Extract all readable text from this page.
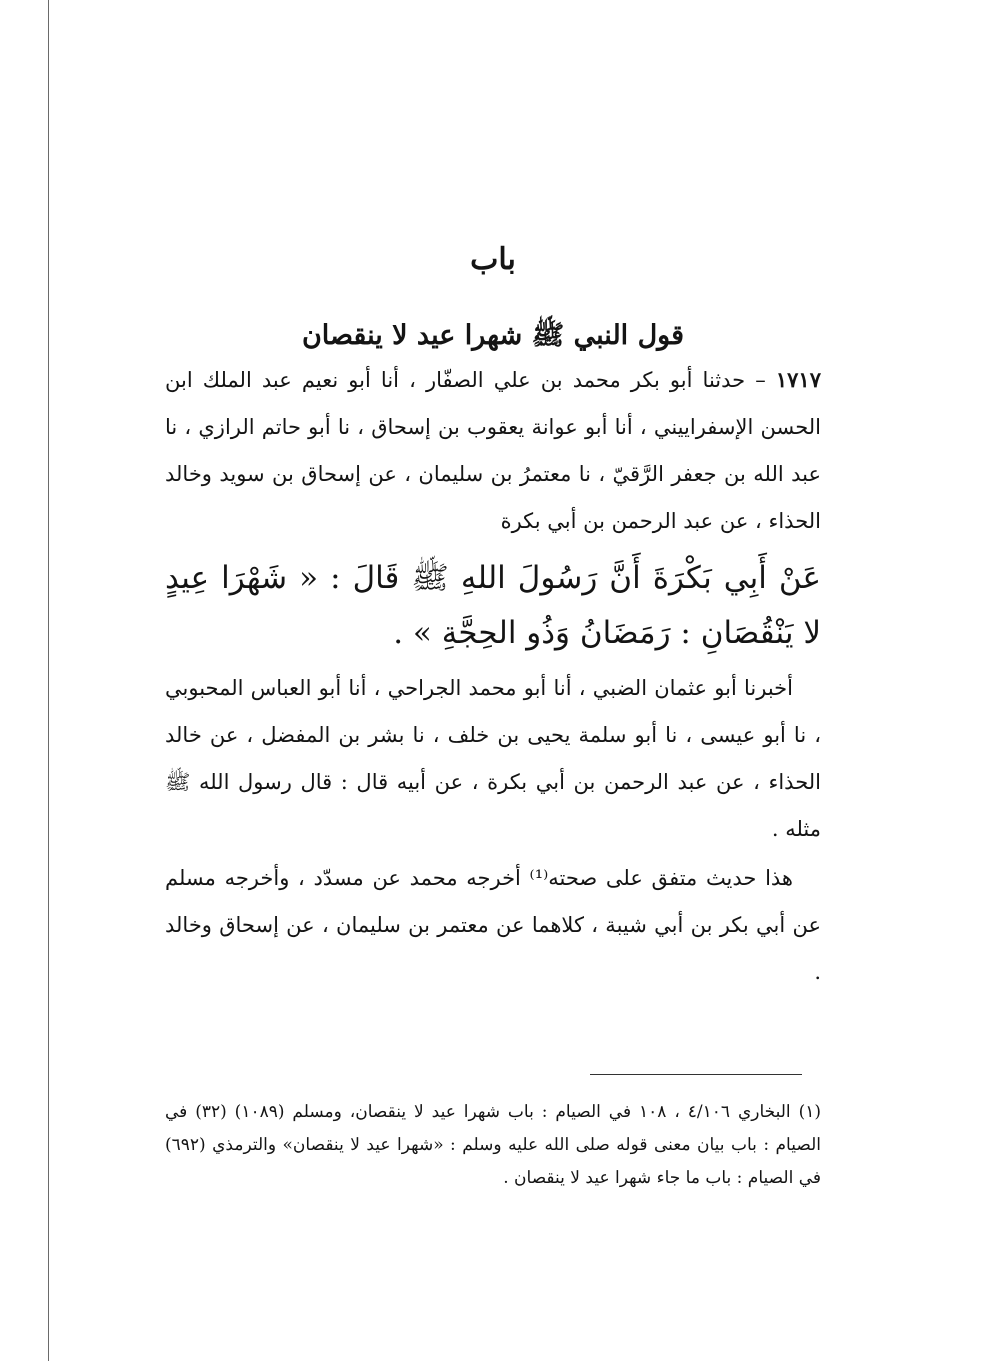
باب
قول النبي ﷺ شهرا عيد لا ينقصان

١٧١٧ – حدثنا أبو بكر محمد بن علي الصفّار ، أنا أبو نعيم عبد الملك ابن الحسن الإسفراييني ، أنا أبو عوانة يعقوب بن إسحاق ، نا أبو حاتم الرازي ، نا عبد الله بن جعفر الرَّقيّ ، نا معتمرُ بن سليمان ، عن إسحاق بن سويد وخالد الحذاء ، عن عبد الرحمن بن أبي بكرة

عَنْ أَبِي بَكْرَةَ أَنَّ رَسُولَ اللهِ ﷺ قَالَ : « شَهْرَا عِيدٍ لا يَنْقُصَانِ : رَمَضَانُ وَذُو الحِجَّةِ » .

أخبرنا أبو عثمان الضبي ، أنا أبو محمد الجراحي ، أنا أبو العباس المحبوبي ، نا أبو عيسى ، نا أبو سلمة يحيى بن خلف ، نا بشر بن المفضل ، عن خالد الحذاء ، عن عبد الرحمن بن أبي بكرة ، عن أبيه قال : قال رسول الله ﷺ مثله .

هذا حديث متفق على صحته⁽¹⁾ أخرجه محمد عن مسدّد ، وأخرجه مسلم عن أبي بكر بن أبي شيبة ، كلاهما عن معتمر بن سليمان ، عن إسحاق وخالد .

(١) البخاري ٤/١٠٦ ، ١٠٨ في الصيام : باب شهرا عيد لا ينقصان، ومسلم (١٠٨٩) (٣٢) في الصيام : باب بيان معنى قوله صلى الله عليه وسلم : «شهرا عيد لا ينقصان» والترمذي (٦٩٢) في الصيام : باب ما جاء شهرا عيد لا ينقصان .
